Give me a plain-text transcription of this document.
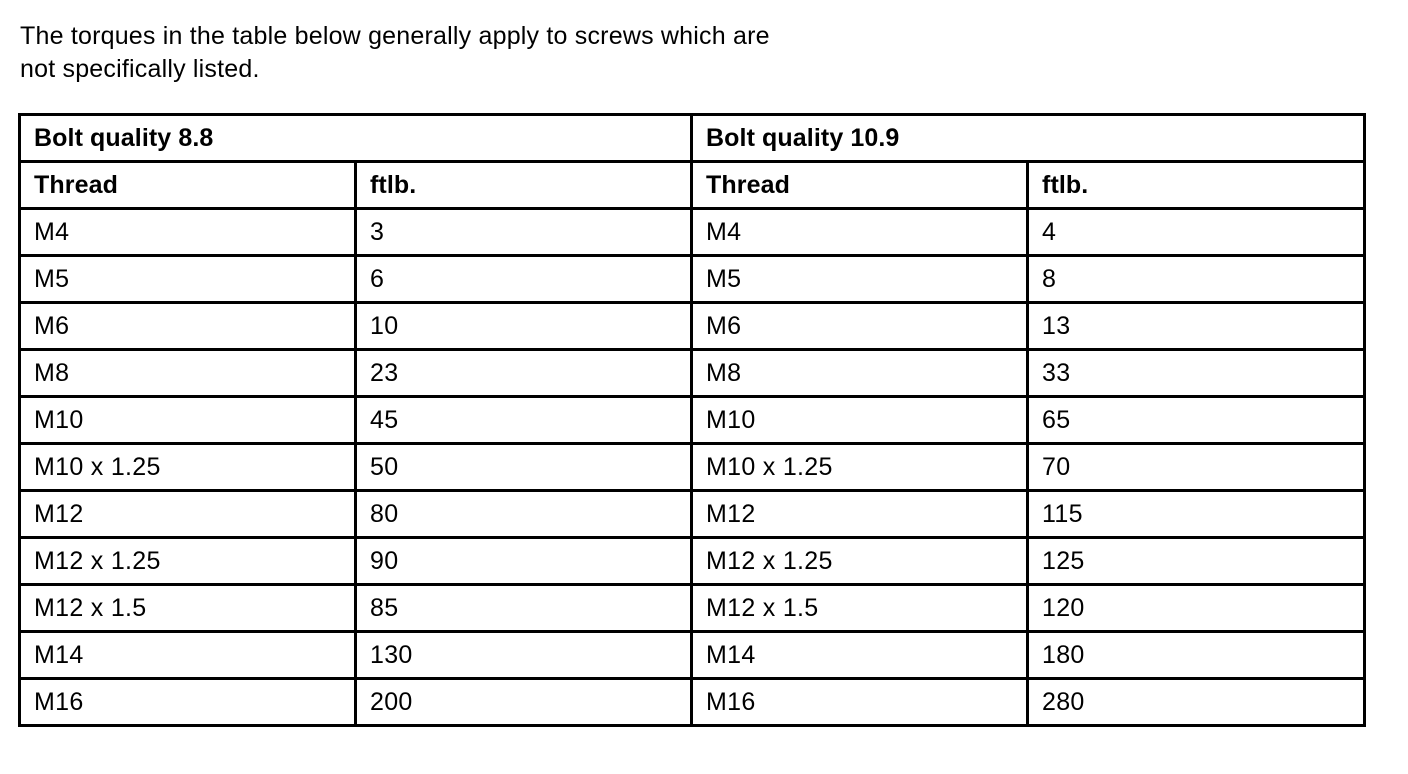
The torques in the table below generally apply to screws which are
not specifically listed.
Bolt quality 8.8		Bolt quality 10.9	
Thread	ftlb.	Thread	ftlb.
M4	3	M4	4
M5	6	M5	8
M6	10	M6	13
M8	23	M8	33
M10	45	M10	65
M10 x 1.25	50	M10 x 1.25	70
M12	80	M12	115
M12 x 1.25	90	M12 x 1.25	125
M12 x 1.5	85	M12 x 1.5	120
M14	130	M14	180
M16	200	M16	280
